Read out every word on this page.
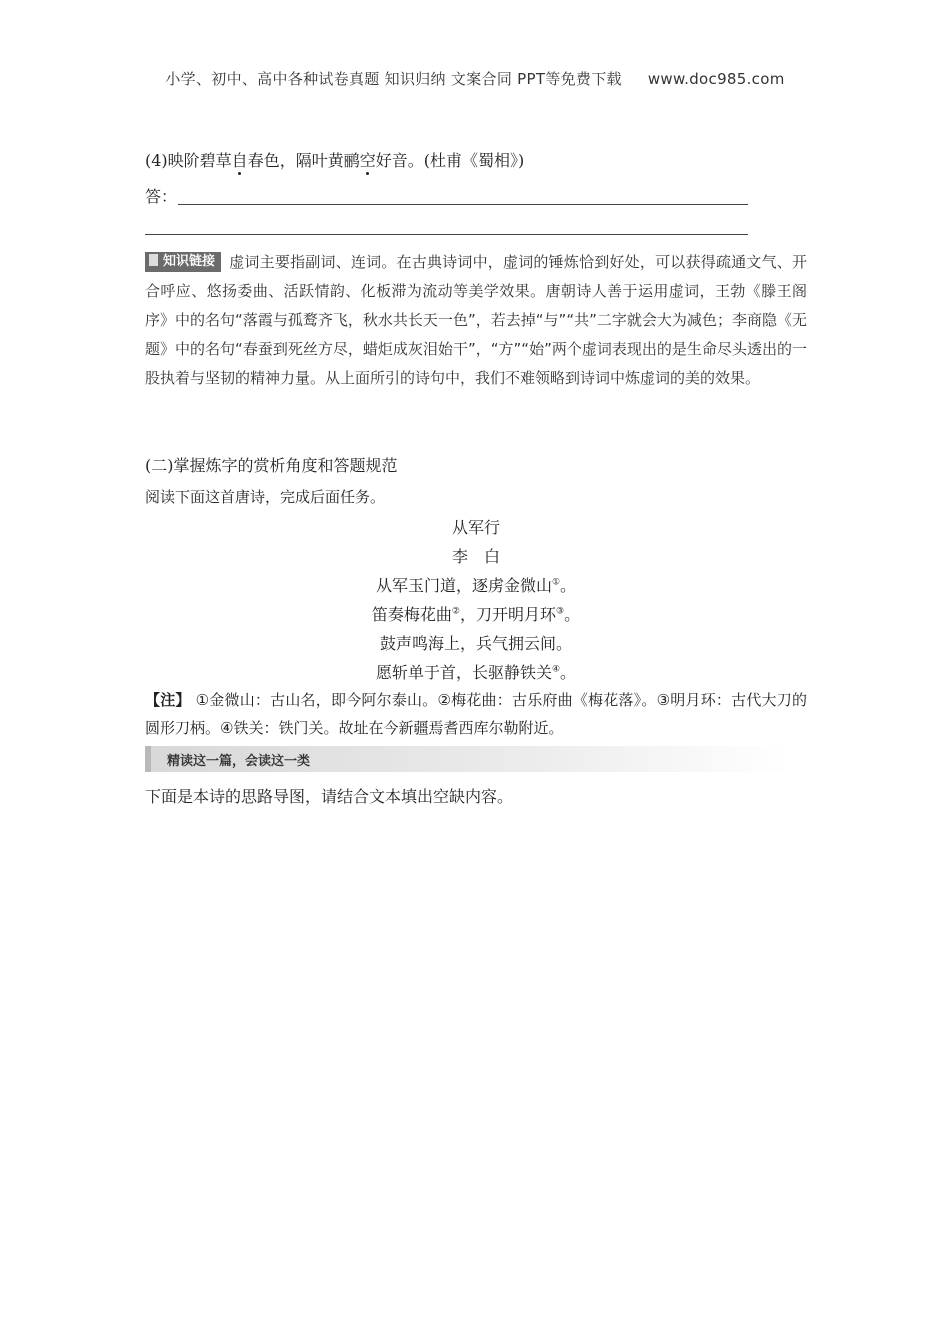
小学、初中、高中各种试卷真题 知识归纳 文案合同 PPT等免费下载 www.doc985.com
(4)映阶碧草自春色，隔叶黄鹂空好音。(杜甫《蜀相》)
答：
知识链接 虚词主要指副词、连词。在古典诗词中，虚词的锤炼恰到好处，可以获得疏通文气、开合呼应、悠扬委曲、活跃情韵、化板滞为流动等美学效果。唐朝诗人善于运用虚词，王勃《滕王阁序》中的名句“落霞与孤鹜齐飞，秋水共长天一色”，若去掉“与”“共”二字就会大为减色；李商隐《无题》中的名句“春蚕到死丝方尽，蜡炬成灰泪始干”，“方”“始”两个虚词表现出的是生命尽头透出的一股执着与坚韧的精神力量。从上面所引的诗句中，我们不难领略到诗词中炼虚词的美的效果。
(二)掌握炼字的赏析角度和答题规范
阅读下面这首唐诗，完成后面任务。
从军行
李　白
从军玉门道，逐虏金微山①。
笛奏梅花曲②，刀开明月环③。
鼓声鸣海上，兵气拥云间。
愿斩单于首，长驱静铁关④。
【注】 ①金微山：古山名，即今阿尔泰山。②梅花曲：古乐府曲《梅花落》。③明月环：古代大刀的圆形刀柄。④铁关：铁门关。故址在今新疆焉耆西库尔勒附近。
精读这一篇，会读这一类
下面是本诗的思路导图，请结合文本填出空缺内容。
